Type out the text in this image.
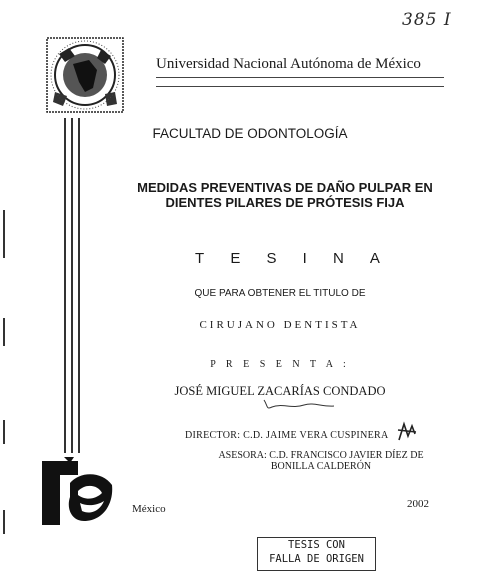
385 I
Universidad Nacional Autónoma de México
FACULTAD DE ODONTOLOGÍA
MEDIDAS PREVENTIVAS DE DAÑO PULPAR EN
DIENTES PILARES DE PRÓTESIS FIJA
T E S I N A
QUE PARA OBTENER EL TITULO DE
CIRUJANO DENTISTA
P R E S E N T A :
JOSÉ MIGUEL ZACARÍAS CONDADO
DIRECTOR: C.D. JAIME VERA CUSPINERA
ASESORA: C.D. FRANCISCO JAVIER DÍEZ DE
BONILLA CALDERÓN
México	2002
TESIS CON
FALLA DE ORIGEN
